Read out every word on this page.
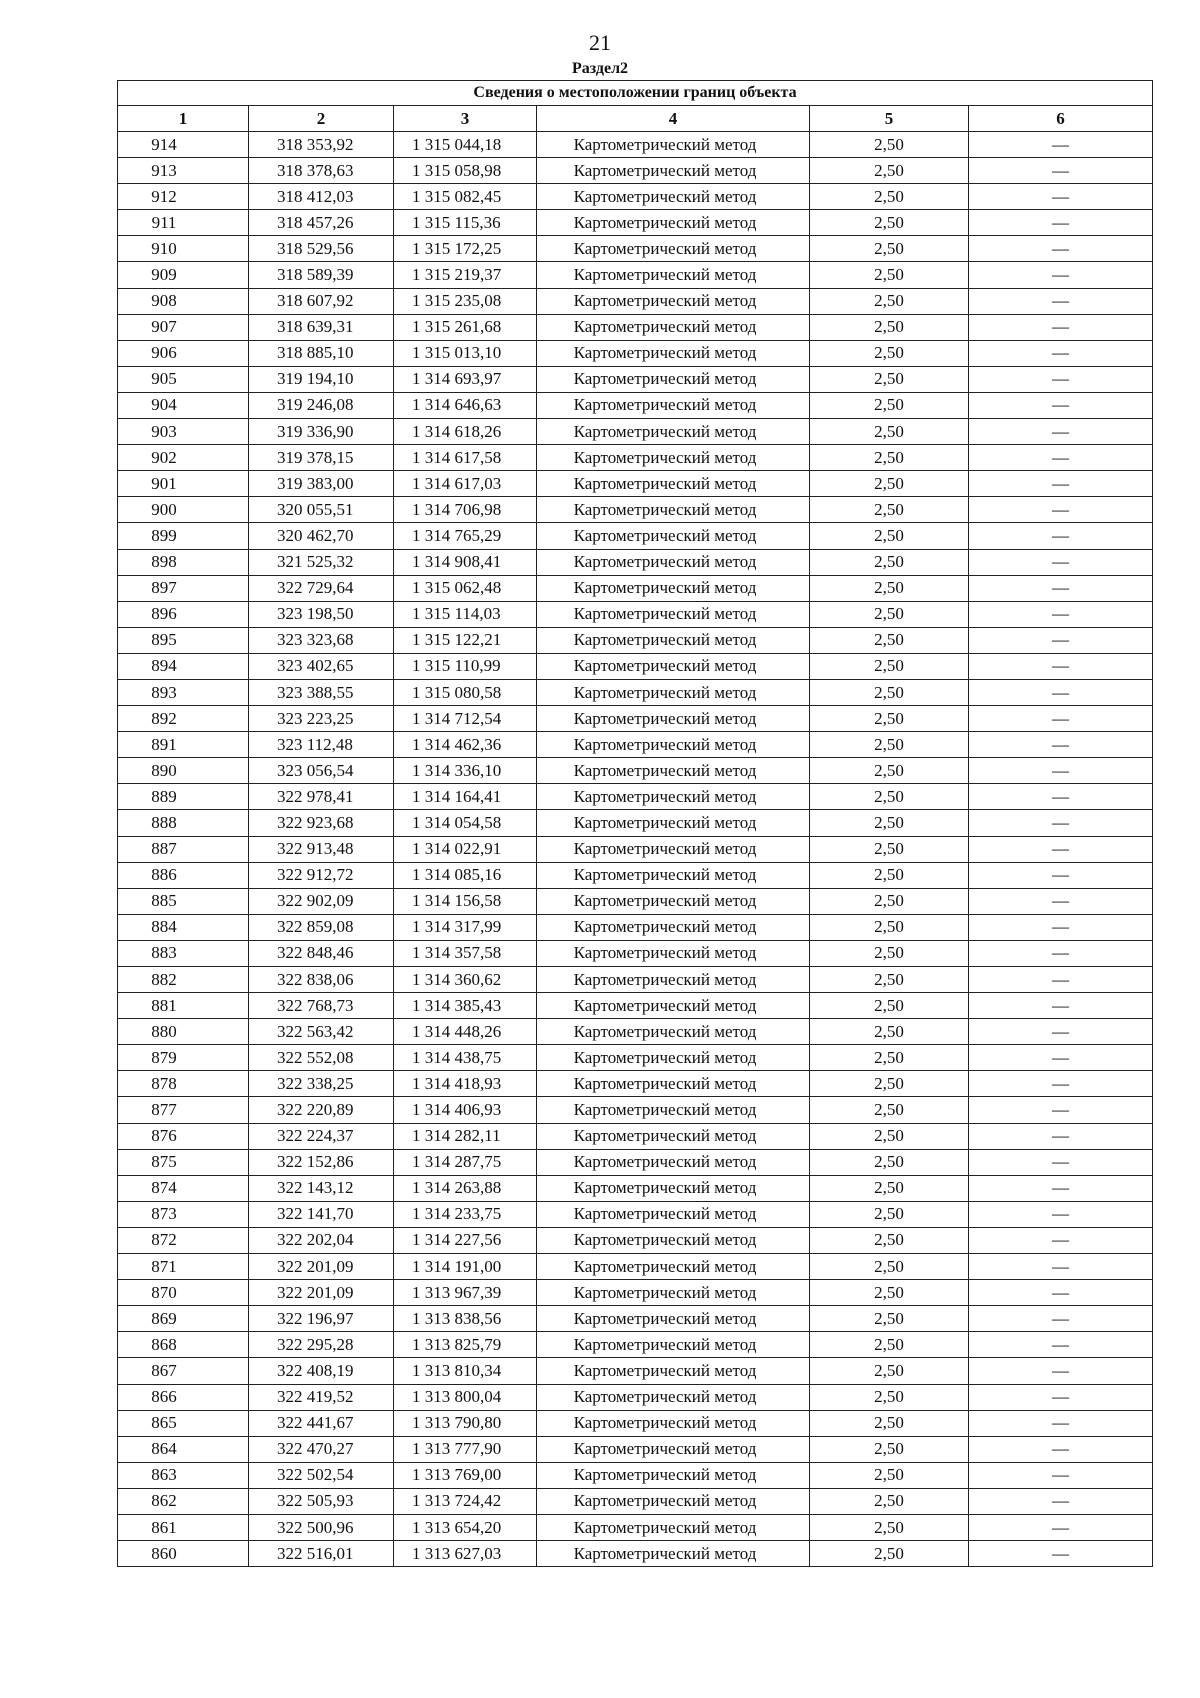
21
Раздел2
Сведения о местоположении границ объекта					
1	2	3	4	5	6
914	318 353,92	1 315 044,18	Картометрический метод	2,50	—
913	318 378,63	1 315 058,98	Картометрический метод	2,50	—
912	318 412,03	1 315 082,45	Картометрический метод	2,50	—
911	318 457,26	1 315 115,36	Картометрический метод	2,50	—
910	318 529,56	1 315 172,25	Картометрический метод	2,50	—
909	318 589,39	1 315 219,37	Картометрический метод	2,50	—
908	318 607,92	1 315 235,08	Картометрический метод	2,50	—
907	318 639,31	1 315 261,68	Картометрический метод	2,50	—
906	318 885,10	1 315 013,10	Картометрический метод	2,50	—
905	319 194,10	1 314 693,97	Картометрический метод	2,50	—
904	319 246,08	1 314 646,63	Картометрический метод	2,50	—
903	319 336,90	1 314 618,26	Картометрический метод	2,50	—
902	319 378,15	1 314 617,58	Картометрический метод	2,50	—
901	319 383,00	1 314 617,03	Картометрический метод	2,50	—
900	320 055,51	1 314 706,98	Картометрический метод	2,50	—
899	320 462,70	1 314 765,29	Картометрический метод	2,50	—
898	321 525,32	1 314 908,41	Картометрический метод	2,50	—
897	322 729,64	1 315 062,48	Картометрический метод	2,50	—
896	323 198,50	1 315 114,03	Картометрический метод	2,50	—
895	323 323,68	1 315 122,21	Картометрический метод	2,50	—
894	323 402,65	1 315 110,99	Картометрический метод	2,50	—
893	323 388,55	1 315 080,58	Картометрический метод	2,50	—
892	323 223,25	1 314 712,54	Картометрический метод	2,50	—
891	323 112,48	1 314 462,36	Картометрический метод	2,50	—
890	323 056,54	1 314 336,10	Картометрический метод	2,50	—
889	322 978,41	1 314 164,41	Картометрический метод	2,50	—
888	322 923,68	1 314 054,58	Картометрический метод	2,50	—
887	322 913,48	1 314 022,91	Картометрический метод	2,50	—
886	322 912,72	1 314 085,16	Картометрический метод	2,50	—
885	322 902,09	1 314 156,58	Картометрический метод	2,50	—
884	322 859,08	1 314 317,99	Картометрический метод	2,50	—
883	322 848,46	1 314 357,58	Картометрический метод	2,50	—
882	322 838,06	1 314 360,62	Картометрический метод	2,50	—
881	322 768,73	1 314 385,43	Картометрический метод	2,50	—
880	322 563,42	1 314 448,26	Картометрический метод	2,50	—
879	322 552,08	1 314 438,75	Картометрический метод	2,50	—
878	322 338,25	1 314 418,93	Картометрический метод	2,50	—
877	322 220,89	1 314 406,93	Картометрический метод	2,50	—
876	322 224,37	1 314 282,11	Картометрический метод	2,50	—
875	322 152,86	1 314 287,75	Картометрический метод	2,50	—
874	322 143,12	1 314 263,88	Картометрический метод	2,50	—
873	322 141,70	1 314 233,75	Картометрический метод	2,50	—
872	322 202,04	1 314 227,56	Картометрический метод	2,50	—
871	322 201,09	1 314 191,00	Картометрический метод	2,50	—
870	322 201,09	1 313 967,39	Картометрический метод	2,50	—
869	322 196,97	1 313 838,56	Картометрический метод	2,50	—
868	322 295,28	1 313 825,79	Картометрический метод	2,50	—
867	322 408,19	1 313 810,34	Картометрический метод	2,50	—
866	322 419,52	1 313 800,04	Картометрический метод	2,50	—
865	322 441,67	1 313 790,80	Картометрический метод	2,50	—
864	322 470,27	1 313 777,90	Картометрический метод	2,50	—
863	322 502,54	1 313 769,00	Картометрический метод	2,50	—
862	322 505,93	1 313 724,42	Картометрический метод	2,50	—
861	322 500,96	1 313 654,20	Картометрический метод	2,50	—
860	322 516,01	1 313 627,03	Картометрический метод	2,50	—
